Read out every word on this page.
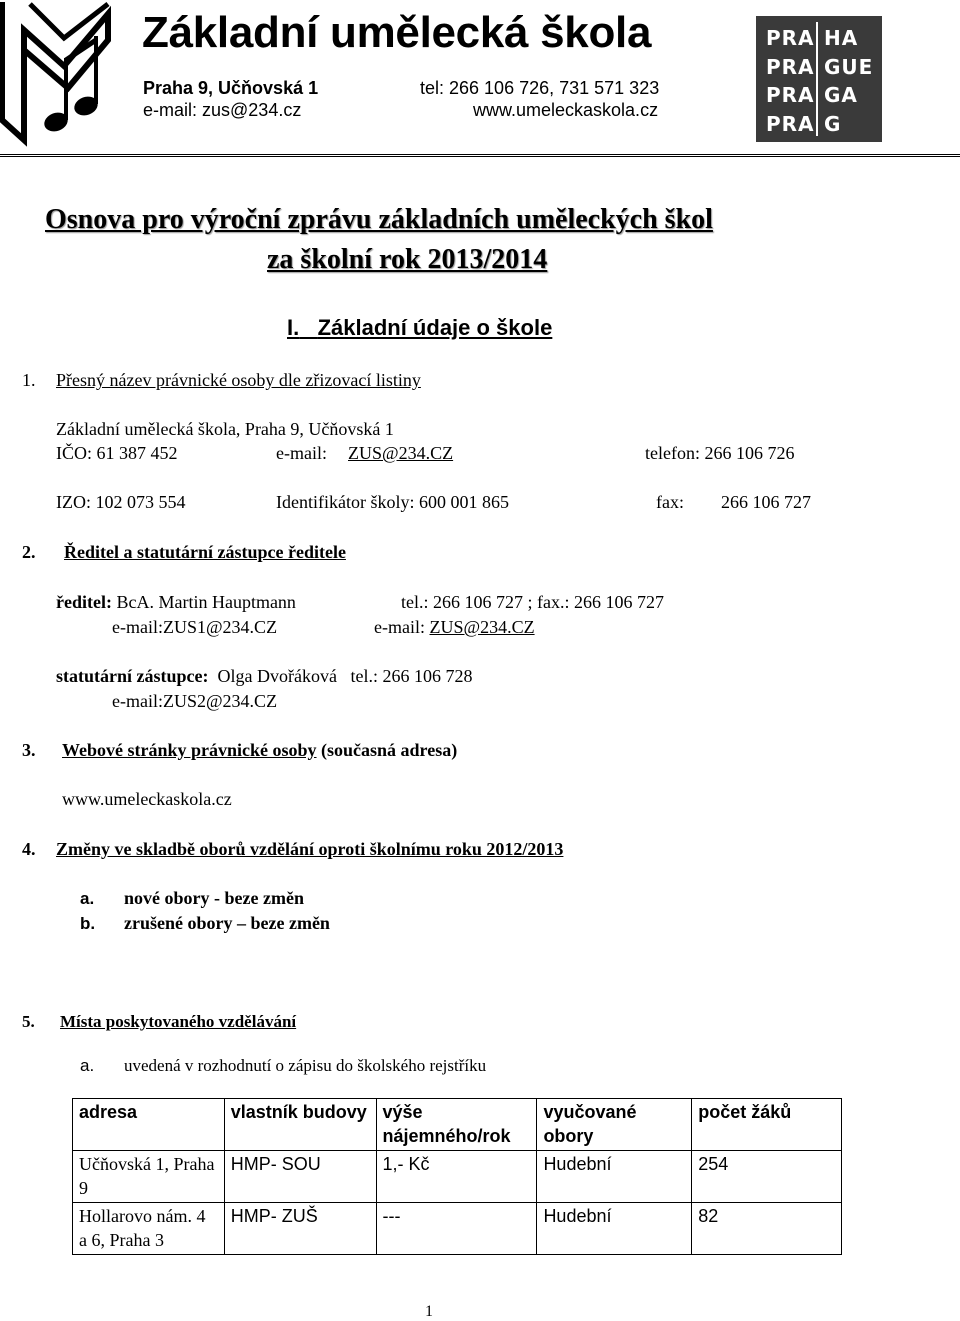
Základní umělecká škola
Praha 9, Učňovská 1	tel: 266 106 726, 731 571 323
e-mail: zus@234.cz	www.umeleckaskola.cz
PRA
PRA
PRA
PRA
HA
GUE
GA
G
Osnova pro výroční zprávu základních uměleckých škol
za školní rok 2013/2014
I. Základní údaje o škole
1. Přesný název právnické osoby dle zřizovací listiny
Základní umělecká škola, Praha 9, Učňovská 1
IČO: 61 387 452	e-mail: ZUS@234.CZ	telefon: 266 106 726
IZO: 102 073 554	Identifikátor školy: 600 001 865	fax: 266 106 727
2. Ředitel a statutární zástupce ředitele
ředitel: BcA. Martin Hauptmann	tel.: 266 106 727 ; fax.: 266 106 727
e-mail:ZUS1@234.CZ	e-mail: ZUS@234.CZ
statutární zástupce: Olga Dvořáková tel.: 266 106 728
e-mail:ZUS2@234.CZ
3. Webové stránky právnické osoby (současná adresa)
www.umeleckaskola.cz
4. Změny ve skladbě oborů vzdělání oproti školnímu roku 2012/2013
a. nové obory - beze změn
b. zrušené obory – beze změn
5. Místa poskytovaného vzdělávání
a. uvedená v rozhodnutí o zápisu do školského rejstříku
adresa	vlastník budovy	výše nájemného/rok	vyučované obory	počet žáků
Učňovská 1, Praha 9	HMP- SOU	1,- Kč	Hudební	254
Hollarovo nám. 4 a 6, Praha 3	HMP- ZUŠ	---	Hudební	82
1
